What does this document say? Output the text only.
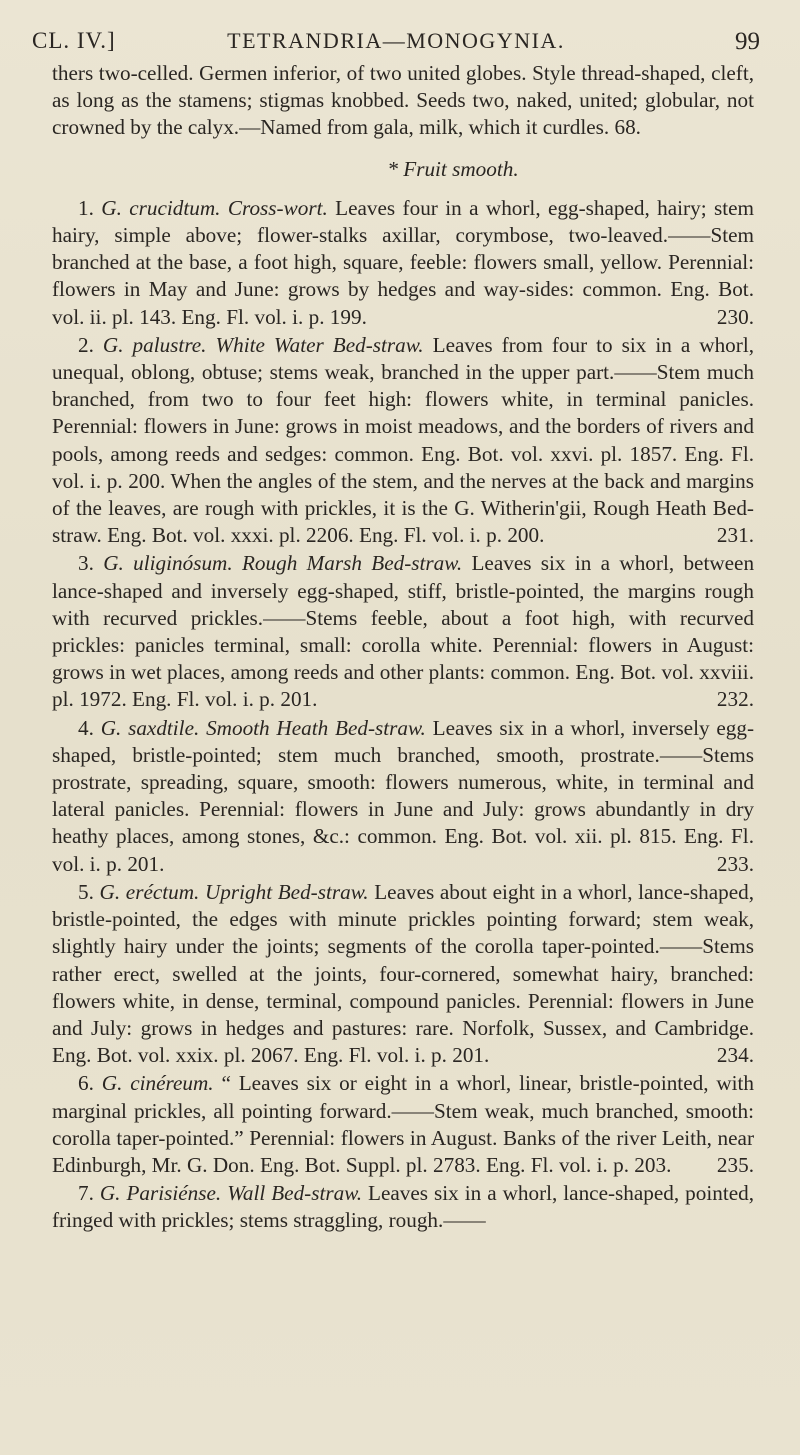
CL. IV.]	TETRANDRIA—MONOGYNIA.	99

thers two-celled. Germen inferior, of two united globes. Style thread-shaped, cleft, as long as the stamens; stigmas knobbed. Seeds two, naked, united; globular, not crowned by the calyx.—Named from gala, milk, which it curdles. 68.

* Fruit smooth.

1. G. crucidtum. Cross-wort. Leaves four in a whorl, egg-shaped, hairy; stem hairy, simple above; flower-stalks axillar, corymbose, two-leaved.——Stem branched at the base, a foot high, square, feeble: flowers small, yellow. Perennial: flowers in May and June: grows by hedges and way-sides: common. Eng. Bot. vol. ii. pl. 143. Eng. Fl. vol. i. p. 199.	230.

2. G. palustre. White Water Bed-straw. Leaves from four to six in a whorl, unequal, oblong, obtuse; stems weak, branched in the upper part.——Stem much branched, from two to four feet high: flowers white, in terminal panicles. Perennial: flowers in June: grows in moist meadows, and the borders of rivers and pools, among reeds and sedges: common. Eng. Bot. vol. xxvi. pl. 1857. Eng. Fl. vol. i. p. 200. When the angles of the stem, and the nerves at the back and margins of the leaves, are rough with prickles, it is the G. Witherin'gii, Rough Heath Bed-straw. Eng. Bot. vol. xxxi. pl. 2206. Eng. Fl. vol. i. p. 200.	231.

3. G. uliginósum. Rough Marsh Bed-straw. Leaves six in a whorl, between lance-shaped and inversely egg-shaped, stiff, bristle-pointed, the margins rough with recurved prickles.——Stems feeble, about a foot high, with recurved prickles: panicles terminal, small: corolla white. Perennial: flowers in August: grows in wet places, among reeds and other plants: common. Eng. Bot. vol. xxviii. pl. 1972. Eng. Fl. vol. i. p. 201.	232.

4. G. saxdtile. Smooth Heath Bed-straw. Leaves six in a whorl, inversely egg-shaped, bristle-pointed; stem much branched, smooth, prostrate.——Stems prostrate, spreading, square, smooth: flowers numerous, white, in terminal and lateral panicles. Perennial: flowers in June and July: grows abundantly in dry heathy places, among stones, &c.: common. Eng. Bot. vol. xii. pl. 815. Eng. Fl. vol. i. p. 201.	233.

5. G. eréctum. Upright Bed-straw. Leaves about eight in a whorl, lance-shaped, bristle-pointed, the edges with minute prickles pointing forward; stem weak, slightly hairy under the joints; segments of the corolla taper-pointed.——Stems rather erect, swelled at the joints, four-cornered, somewhat hairy, branched: flowers white, in dense, terminal, compound panicles. Perennial: flowers in June and July: grows in hedges and pastures: rare. Norfolk, Sussex, and Cambridge. Eng. Bot. vol. xxix. pl. 2067. Eng. Fl. vol. i. p. 201.	234.

6. G. cinéreum. “ Leaves six or eight in a whorl, linear, bristle-pointed, with marginal prickles, all pointing forward.——Stem weak, much branched, smooth: corolla taper-pointed.” Perennial: flowers in August. Banks of the river Leith, near Edinburgh, Mr. G. Don. Eng. Bot. Suppl. pl. 2783. Eng. Fl. vol. i. p. 203.	235.

7. G. Parisiénse. Wall Bed-straw. Leaves six in a whorl, lance-shaped, pointed, fringed with prickles; stems straggling, rough.——
